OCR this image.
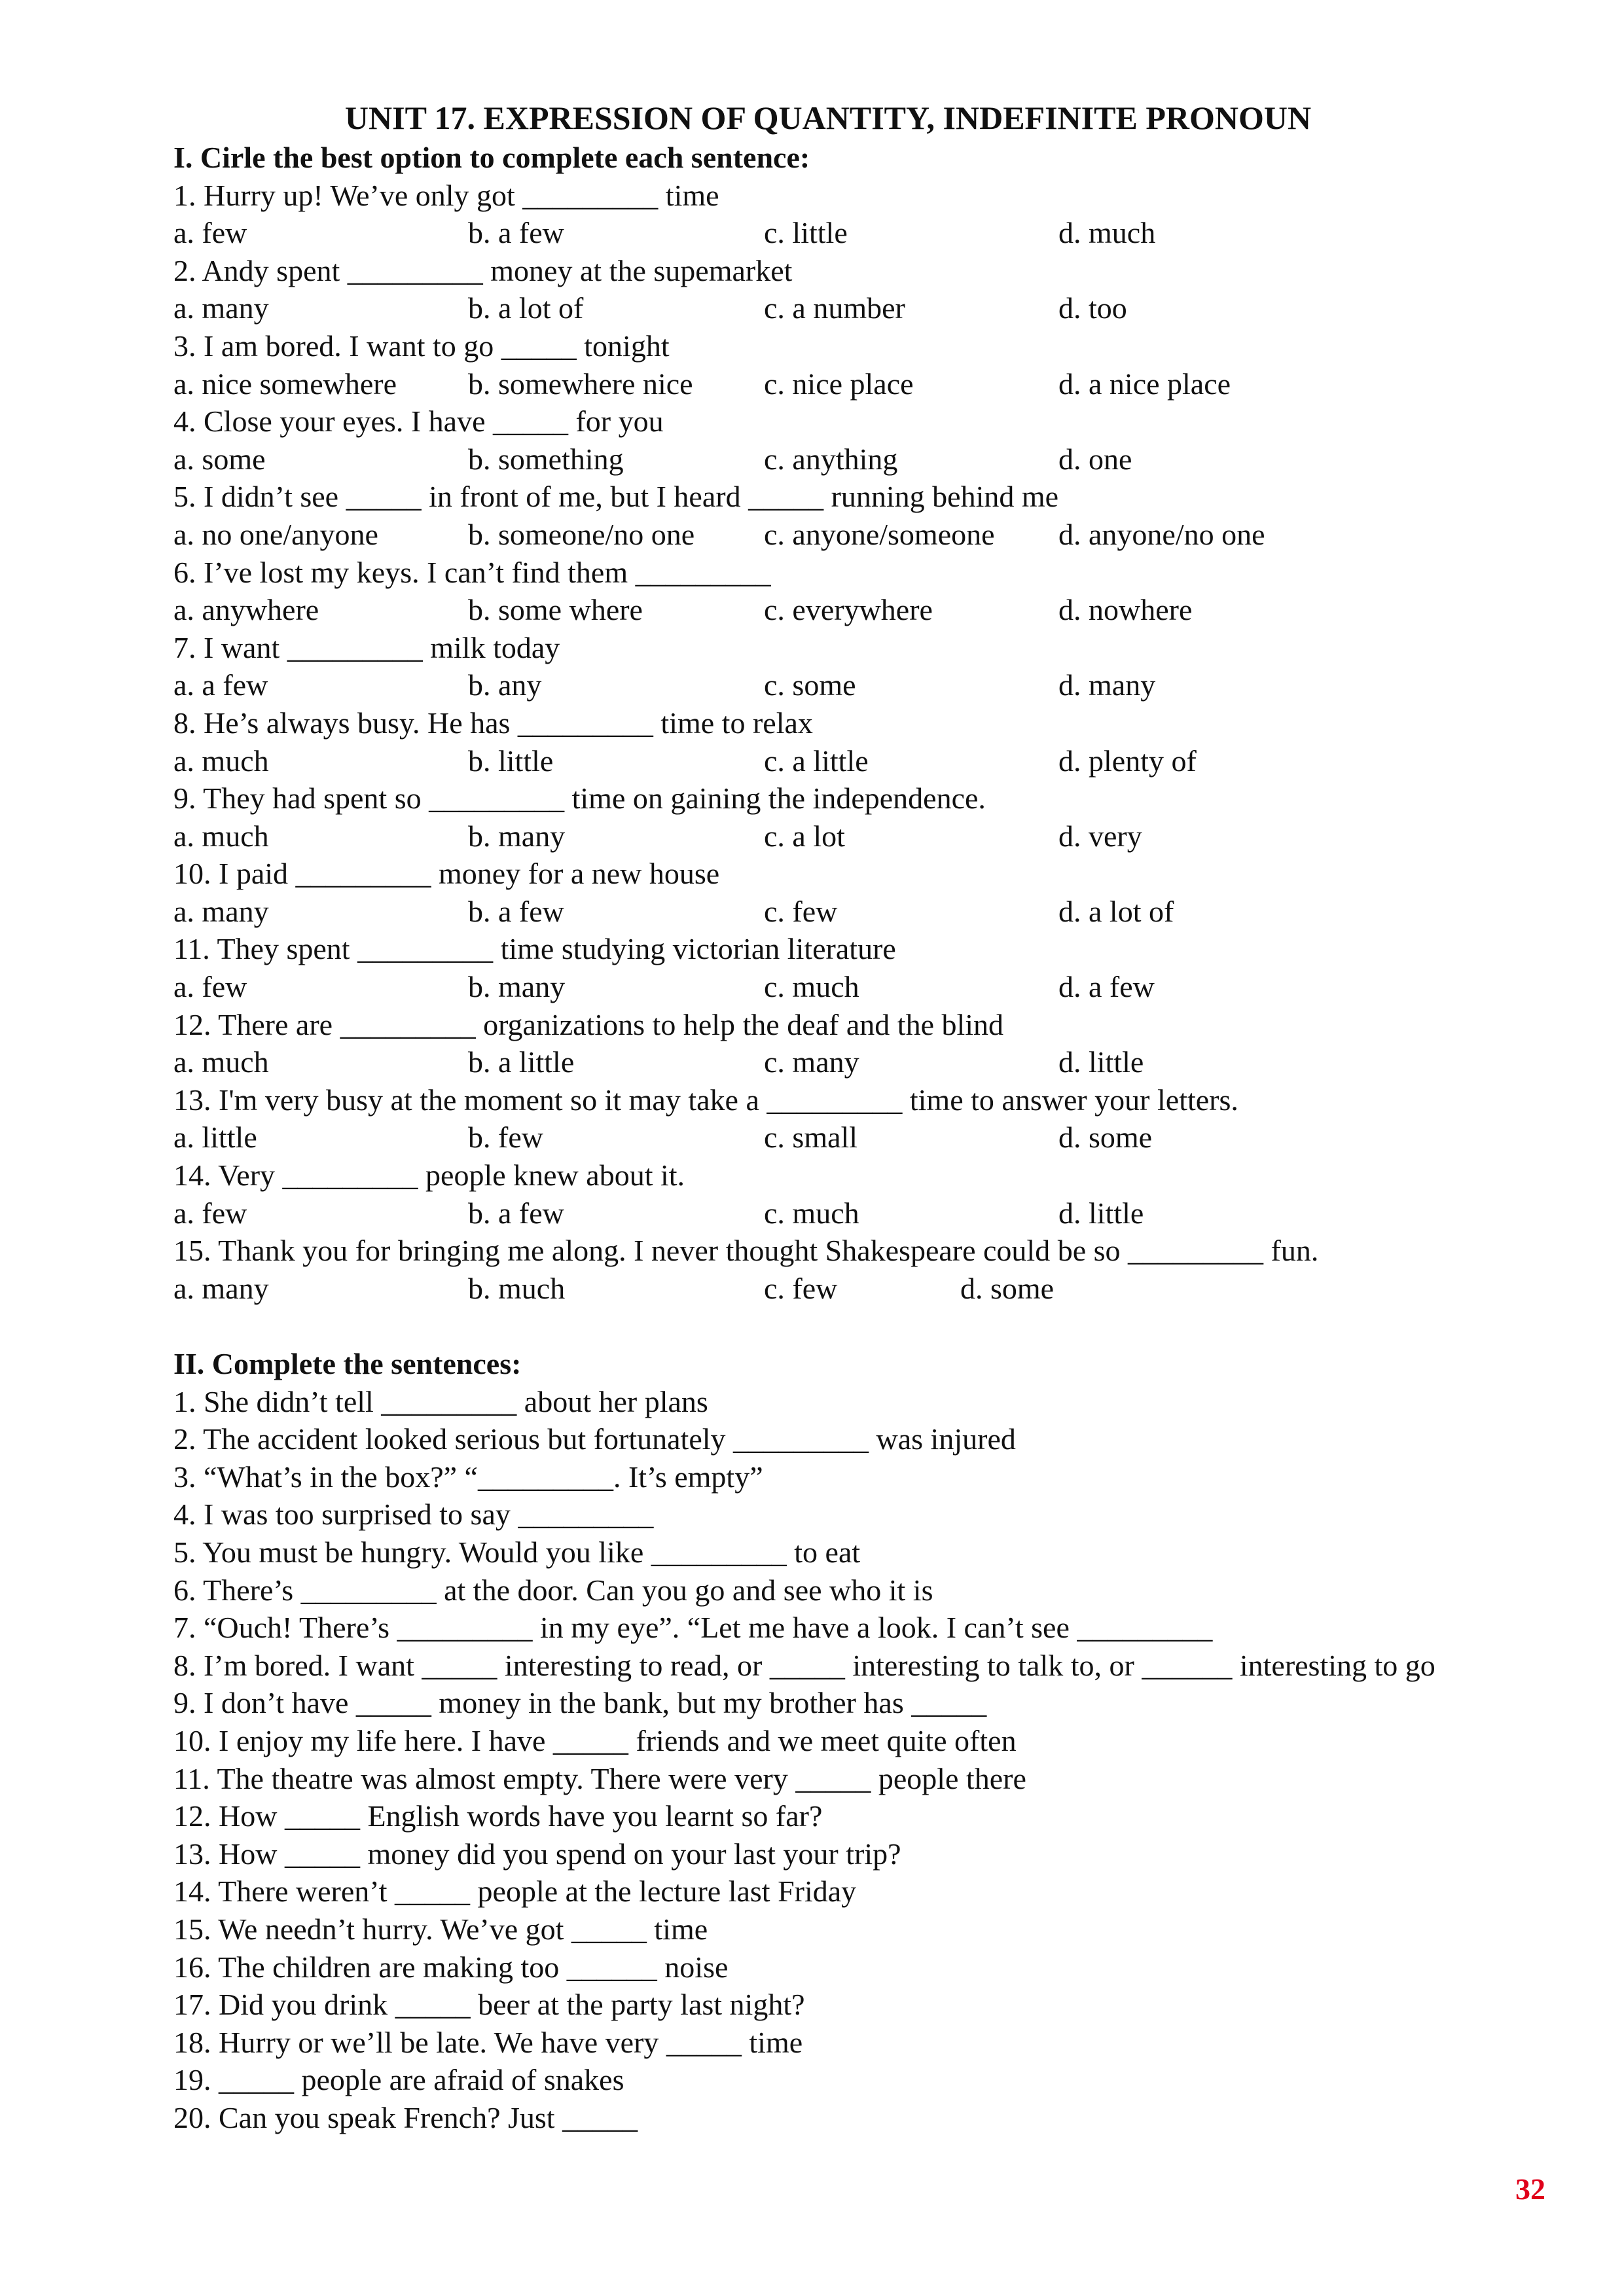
UNIT 17. EXPRESSION OF QUANTITY, INDEFINITE PRONOUN
I. Cirle the best option to complete each sentence:
1. Hurry up! We’ve only got _________ time
a. few	b. a few	c. little	d. much
2. Andy spent _________ money at the supemarket
a. many	b. a lot of	c. a number	d. too
3. I am bored. I want to go _____ tonight
a. nice somewhere b. somewhere nice c. nice place	d. a nice place
4. Close your eyes. I have _____ for you
a. some	b. something	c. anything	d. one
5. I didn’t see _____ in front of me, but I heard _____ running behind me
a. no one/anyone	b. someone/no one c. anyone/someone d. anyone/no one
6. I’ve lost my keys. I can’t find them _________
a. anywhere	b. some where	c. everywhere	d. nowhere
7. I want _________ milk today
a. a few	b. any	c. some	d. many
8. He’s always busy. He has _________ time to relax
a. much	b. little	c. a little	d. plenty of
9. They had spent so _________ time on gaining the independence.
a. much	b. many	c. a lot	d. very
10. I paid _________ money for a new house
a. many	b. a few	c. few	d. a lot of
11. They spent _________ time studying victorian literature
a. few	b. many	c. much	d. a few
12. There are _________ organizations to help the deaf and the blind
a. much	b. a little	c. many	d. little
13. I'm very busy at the moment so it may take a _________ time to answer your letters.
a. little	b. few	c. small	d. some
14. Very _________ people knew about it.
a. few	b. a few	c. much	d. little
15. Thank you for bringing me along. I never thought Shakespeare could be so _________ fun.
a. many	b. much	c. few	d. some
II. Complete the sentences:
1. She didn’t tell _________ about her plans
2. The accident looked serious but fortunately _________ was injured
3. “What’s in the box?” “_________. It’s empty”
4. I was too surprised to say _________
5. You must be hungry. Would you like _________ to eat
6. There’s _________ at the door. Can you go and see who it is
7. “Ouch! There’s _________ in my eye”. “Let me have a look. I can’t see _________
8. I’m bored. I want _____ interesting to read, or _____ interesting to talk to, or ______ interesting to go
9. I don’t have _____ money in the bank, but my brother has _____
10. I enjoy my life here. I have _____ friends and we meet quite often
11. The theatre was almost empty. There were very _____ people there
12. How _____ English words have you learnt so far?
13. How _____ money did you spend on your last your trip?
14. There weren’t _____ people at the lecture last Friday
15. We needn’t hurry. We’ve got _____ time
16. The children are making too ______ noise
17. Did you drink _____ beer at the party last night?
18. Hurry or we’ll be late. We have very _____ time
19. _____ people are afraid of snakes
20. Can you speak French? Just _____
32
